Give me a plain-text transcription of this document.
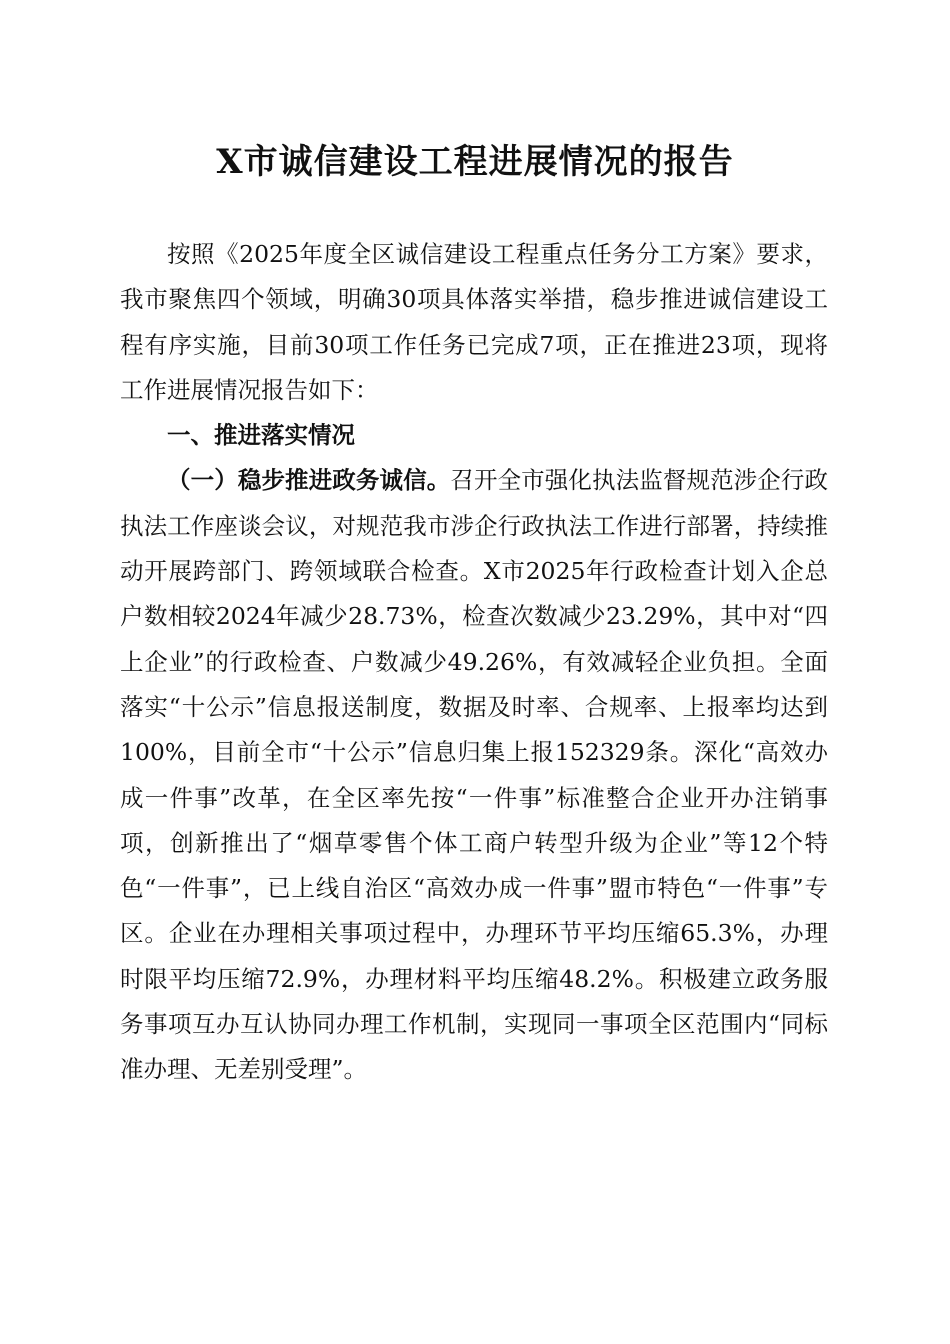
X市诚信建设工程进展情况的报告

按照《2025年度全区诚信建设工程重点任务分工方案》要求，我市聚焦四个领域，明确30项具体落实举措，稳步推进诚信建设工程有序实施，目前30项工作任务已完成7项，正在推进23项，现将工作进展情况报告如下：

一、推进落实情况

（一）稳步推进政务诚信。召开全市强化执法监督规范涉企行政执法工作座谈会议，对规范我市涉企行政执法工作进行部署，持续推动开展跨部门、跨领域联合检查。X市2025年行政检查计划入企总户数相较2024年减少28.73%，检查次数减少23.29%，其中对“四上企业”的行政检查、户数减少49.26%，有效减轻企业负担。全面落实“十公示”信息报送制度，数据及时率、合规率、上报率均达到100%，目前全市“十公示”信息归集上报152329条。深化“高效办成一件事”改革，在全区率先按“一件事”标准整合企业开办注销事项，创新推出了“烟草零售个体工商户转型升级为企业”等12个特色“一件事”，已上线自治区“高效办成一件事”盟市特色“一件事”专区。企业在办理相关事项过程中，办理环节平均压缩65.3%，办理时限平均压缩72.9%，办理材料平均压缩48.2%。积极建立政务服务事项互办互认协同办理工作机制，实现同一事项全区范围内“同标准办理、无差别受理”。
